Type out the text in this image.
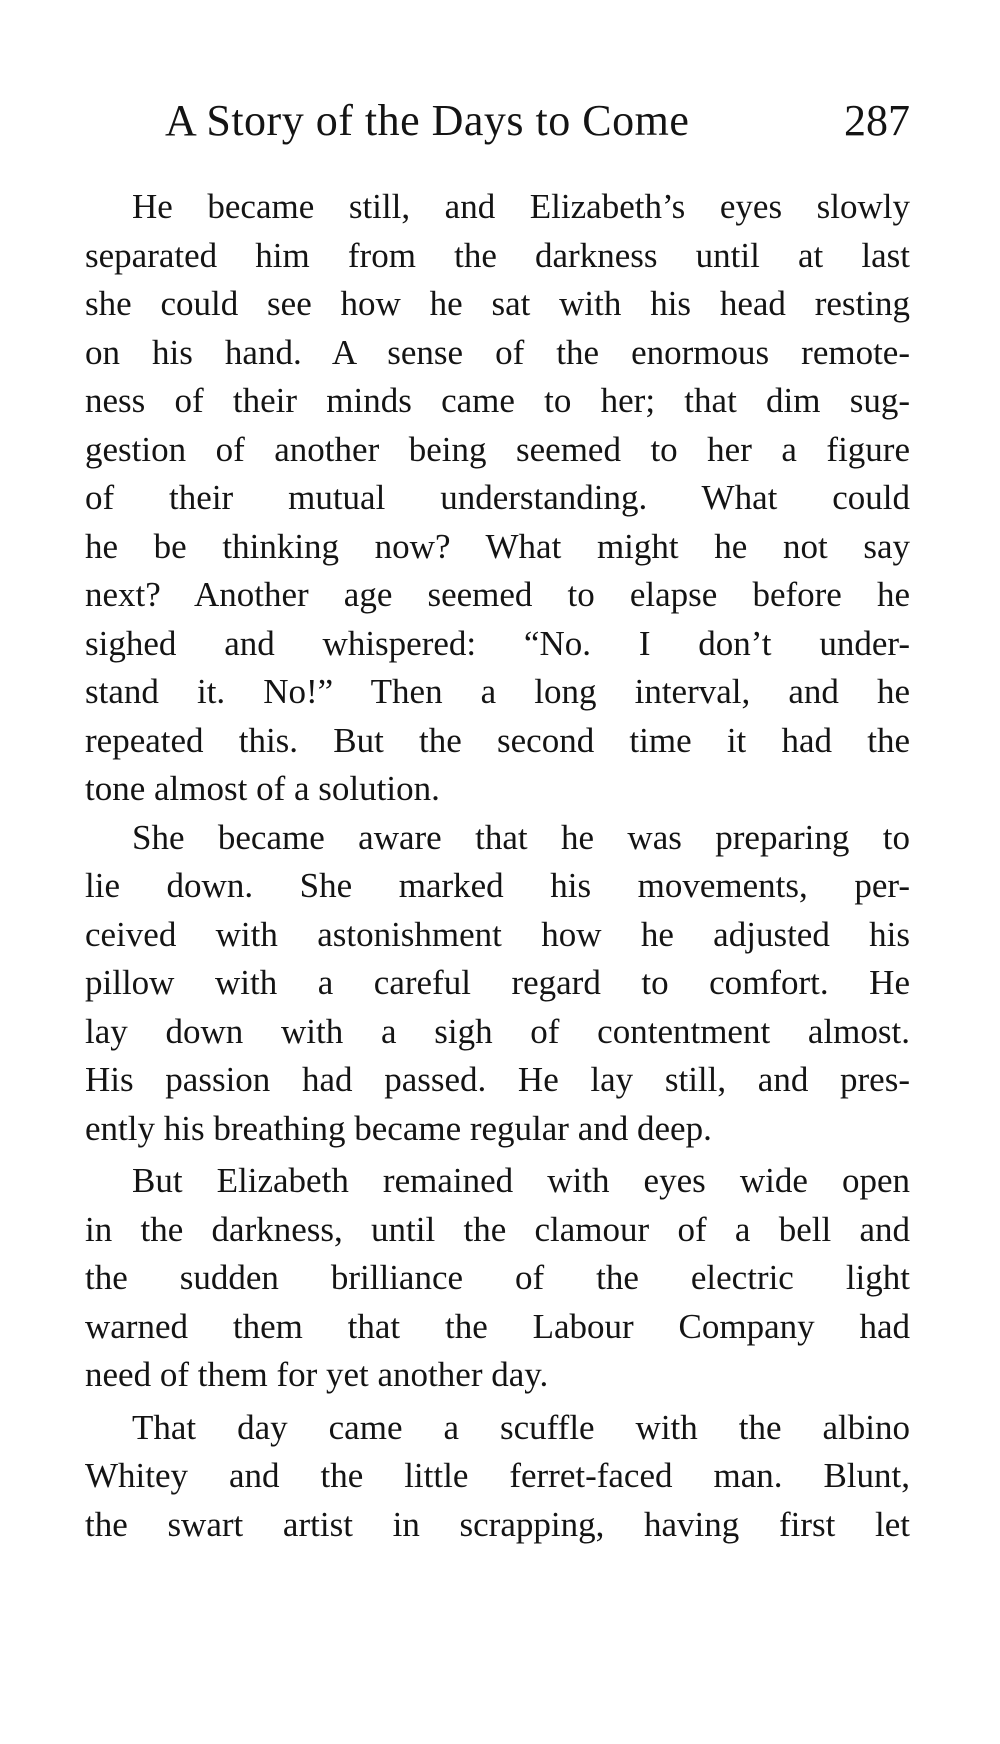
A Story of the Days to Come	287
He became still, and Elizabeth’s eyes slowly
separated him from the darkness until at last
she could see how he sat with his head resting
on his hand. A sense of the enormous remote-
ness of their minds came to her; that dim sug-
gestion of another being seemed to her a figure
of their mutual understanding. What could
he be thinking now? What might he not say
next? Another age seemed to elapse before he
sighed and whispered: “No. I don’t under-
stand it. No!” Then a long interval, and he
repeated this. But the second time it had the
tone almost of a solution.
She became aware that he was preparing to
lie down. She marked his movements, per-
ceived with astonishment how he adjusted his
pillow with a careful regard to comfort. He
lay down with a sigh of contentment almost.
His passion had passed. He lay still, and pres-
ently his breathing became regular and deep.
But Elizabeth remained with eyes wide open
in the darkness, until the clamour of a bell and
the sudden brilliance of the electric light
warned them that the Labour Company had
need of them for yet another day.
That day came a scuffle with the albino
Whitey and the little ferret-faced man. Blunt,
the swart artist in scrapping, having first let
